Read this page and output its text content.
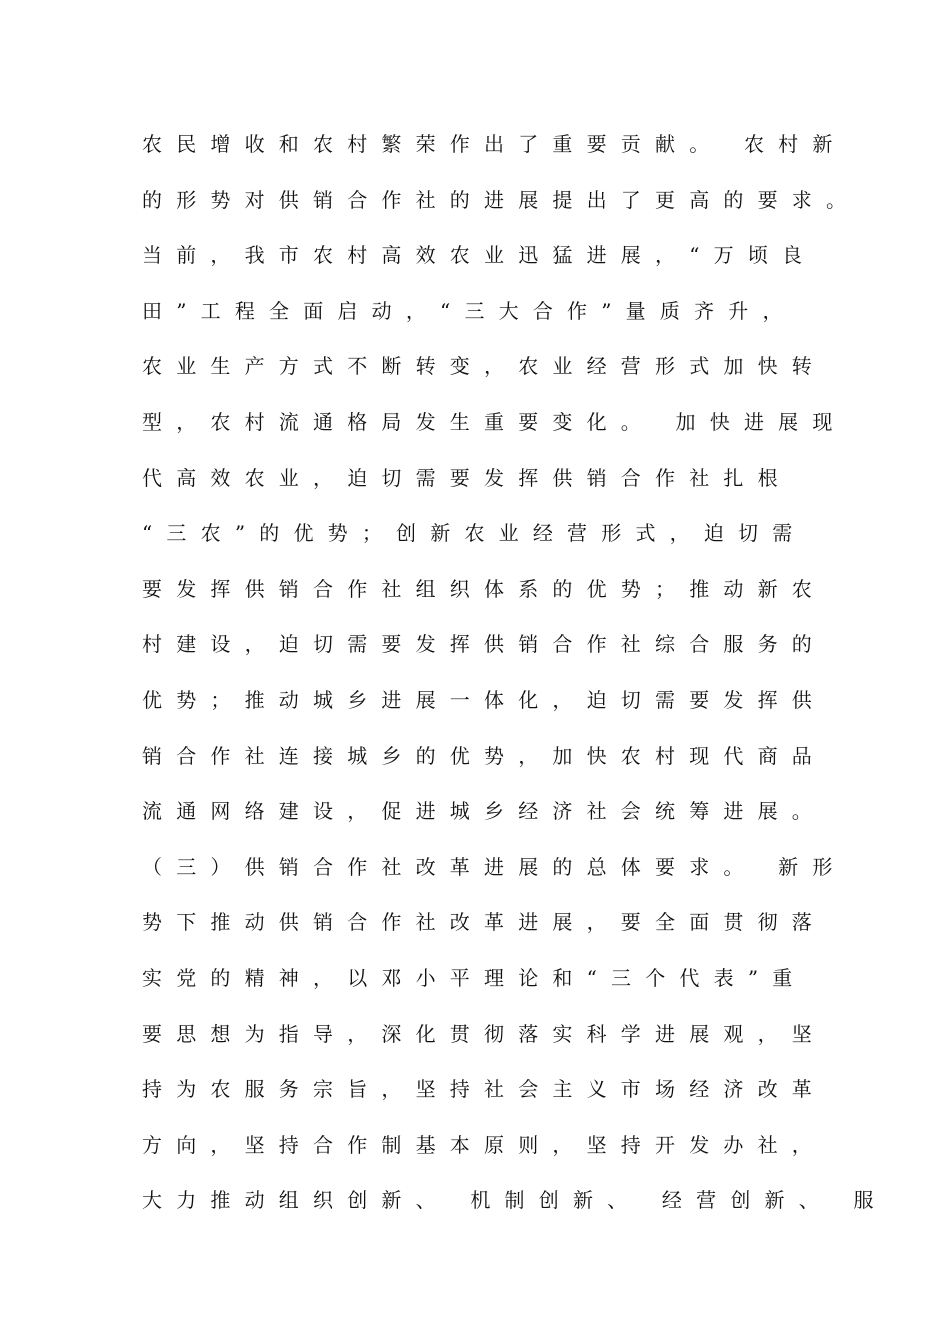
农民增收和农村繁荣作出了重要贡献。 农村新
的形势对供销合作社的进展提出了更高的要求。
当前，我市农村高效农业迅猛进展，“万顷良
田”工程全面启动，“三大合作”量质齐升，
农业生产方式不断转变，农业经营形式加快转
型，农村流通格局发生重要变化。 加快进展现
代高效农业，迫切需要发挥供销合作社扎根
“三农”的优势；创新农业经营形式，迫切需
要发挥供销合作社组织体系的优势；推动新农
村建设，迫切需要发挥供销合作社综合服务的
优势；推动城乡进展一体化，迫切需要发挥供
销合作社连接城乡的优势，加快农村现代商品
流通网络建设，促进城乡经济社会统筹进展。
（三）供销合作社改革进展的总体要求。 新形
势下推动供销合作社改革进展，要全面贯彻落
实党的精神，以邓小平理论和“三个代表”重
要思想为指导，深化贯彻落实科学进展观，坚
持为农服务宗旨，坚持社会主义市场经济改革
方向，坚持合作制基本原则，坚持开发办社，
大力推动组织创新、 机制创新、 经营创新、 服
